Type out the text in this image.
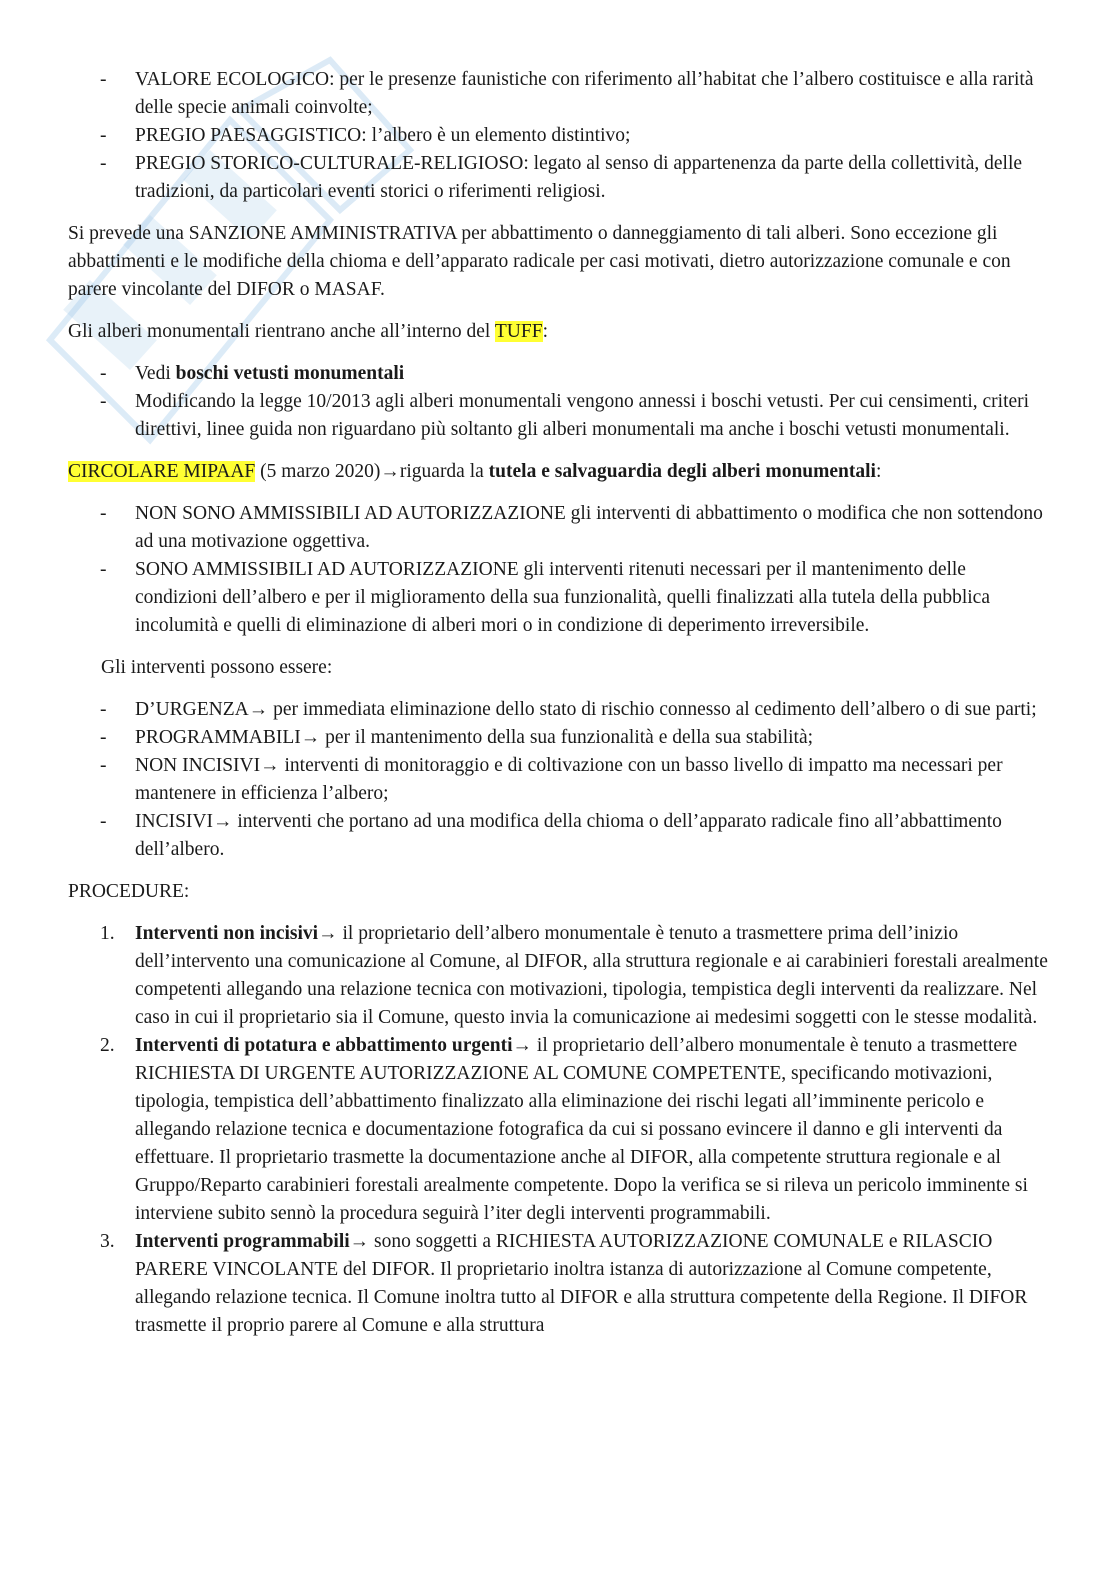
- VALORE ECOLOGICO: per le presenze faunistiche con riferimento all’habitat che l’albero costituisce e alla rarità delle specie animali coinvolte;
- PREGIO PAESAGGISTICO: l’albero è un elemento distintivo;
- PREGIO STORICO-CULTURALE-RELIGIOSO: legato al senso di appartenenza da parte della collettività, delle tradizioni, da particolari eventi storici o riferimenti religiosi.

Si prevede una SANZIONE AMMINISTRATIVA per abbattimento o danneggiamento di tali alberi. Sono eccezione gli abbattimenti e le modifiche della chioma e dell’apparato radicale per casi motivati, dietro autorizzazione comunale e con parere vincolante del DIFOR o MASAF.

Gli alberi monumentali rientrano anche all’interno del TUFF:

- Vedi boschi vetusti monumentali
- Modificando la legge 10/2013 agli alberi monumentali vengono annessi i boschi vetusti. Per cui censimenti, criteri direttivi, linee guida non riguardano più soltanto gli alberi monumentali ma anche i boschi vetusti monumentali.

CIRCOLARE MIPAAF (5 marzo 2020)→riguarda la tutela e salvaguardia degli alberi monumentali:

- NON SONO AMMISSIBILI AD AUTORIZZAZIONE gli interventi di abbattimento o modifica che non sottendono ad una motivazione oggettiva.
- SONO AMMISSIBILI AD AUTORIZZAZIONE gli interventi ritenuti necessari per il mantenimento delle condizioni dell’albero e per il miglioramento della sua funzionalità, quelli finalizzati alla tutela della pubblica incolumità e quelli di eliminazione di alberi mori o in condizione di deperimento irreversibile.

Gli interventi possono essere:

- D’URGENZA→ per immediata eliminazione dello stato di rischio connesso al cedimento dell’albero o di sue parti;
- PROGRAMMABILI→ per il mantenimento della sua funzionalità e della sua stabilità;
- NON INCISIVI→ interventi di monitoraggio e di coltivazione con un basso livello di impatto ma necessari per mantenere in efficienza l’albero;
- INCISIVI→ interventi che portano ad una modifica della chioma o dell’apparato radicale fino all’abbattimento dell’albero.

PROCEDURE:

1. Interventi non incisivi→ il proprietario dell’albero monumentale è tenuto a trasmettere prima dell’inizio dell’intervento una comunicazione al Comune, al DIFOR, alla struttura regionale e ai carabinieri forestali arealmente competenti allegando una relazione tecnica con motivazioni, tipologia, tempistica degli interventi da realizzare. Nel caso in cui il proprietario sia il Comune, questo invia la comunicazione ai medesimi soggetti con le stesse modalità.
2. Interventi di potatura e abbattimento urgenti→ il proprietario dell’albero monumentale è tenuto a trasmettere RICHIESTA DI URGENTE AUTORIZZAZIONE AL COMUNE COMPETENTE, specificando motivazioni, tipologia, tempistica dell’abbattimento finalizzato alla eliminazione dei rischi legati all’imminente pericolo e allegando relazione tecnica e documentazione fotografica da cui si possano evincere il danno e gli interventi da effettuare. Il proprietario trasmette la documentazione anche al DIFOR, alla competente struttura regionale e al Gruppo/Reparto carabinieri forestali arealmente competente. Dopo la verifica se si rileva un pericolo imminente si interviene subito sennò la procedura seguirà l’iter degli interventi programmabili.
3. Interventi programmabili→ sono soggetti a RICHIESTA AUTORIZZAZIONE COMUNALE e RILASCIO PARERE VINCOLANTE del DIFOR. Il proprietario inoltra istanza di autorizzazione al Comune competente, allegando relazione tecnica. Il Comune inoltra tutto al DIFOR e alla struttura competente della Regione. Il DIFOR trasmette il proprio parere al Comune e alla struttura
